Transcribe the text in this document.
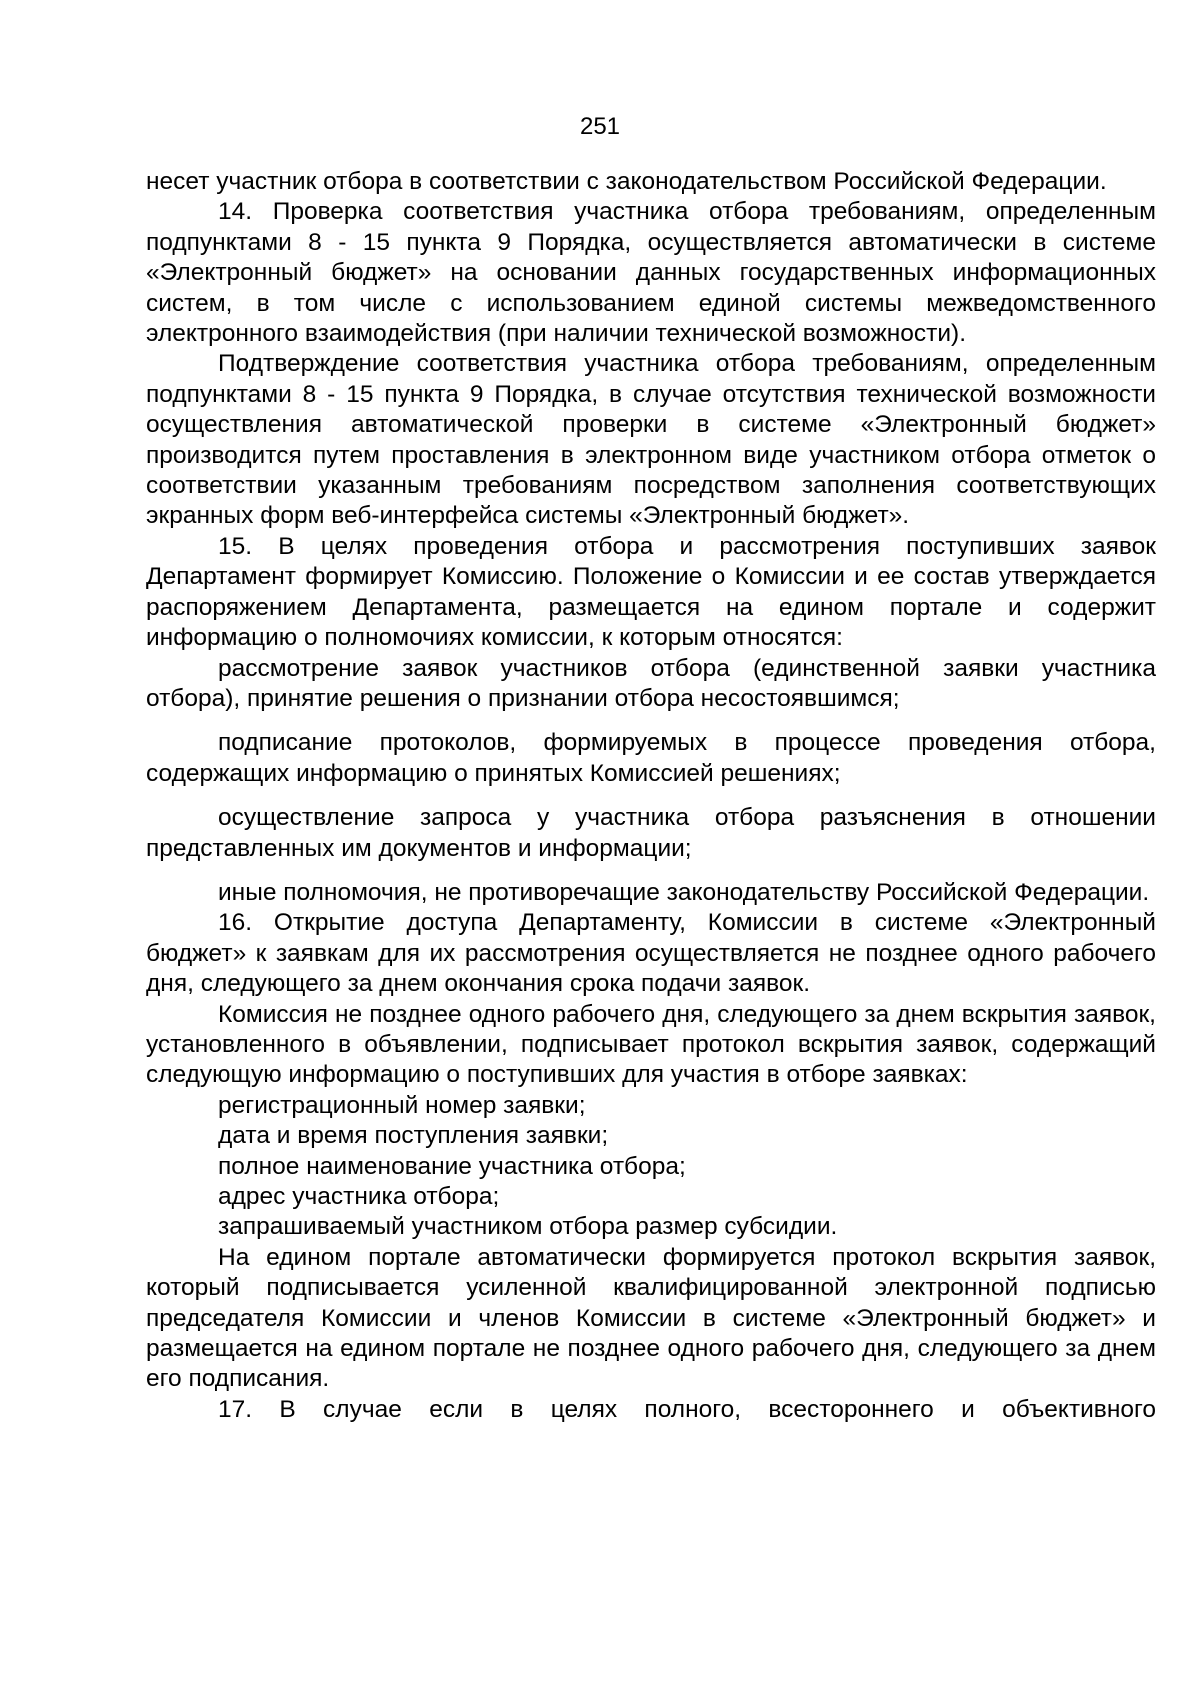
251

несет участник отбора в соответствии с законодательством Российской Федерации.

14. Проверка соответствия участника отбора требованиям, определенным подпунктами 8 - 15 пункта 9 Порядка, осуществляется автоматически в системе «Электронный бюджет» на основании данных государственных информационных систем, в том числе с использованием единой системы межведомственного электронного взаимодействия (при наличии технической возможности).

Подтверждение соответствия участника отбора требованиям, определенным подпунктами 8 - 15 пункта 9 Порядка, в случае отсутствия технической возможности осуществления автоматической проверки в системе «Электронный бюджет» производится путем проставления в электронном виде участником отбора отметок о соответствии указанным требованиям посредством заполнения соответствующих экранных форм веб-интерфейса системы «Электронный бюджет».

15. В целях проведения отбора и рассмотрения поступивших заявок Департамент формирует Комиссию. Положение о Комиссии и ее состав утверждается распоряжением Департамента, размещается на едином портале и содержит информацию о полномочиях комиссии, к которым относятся:

рассмотрение заявок участников отбора (единственной заявки участника отбора), принятие решения о признании отбора несостоявшимся;

подписание протоколов, формируемых в процессе проведения отбора, содержащих информацию о принятых Комиссией решениях;

осуществление запроса у участника отбора разъяснения в отношении представленных им документов и информации;

иные полномочия, не противоречащие законодательству Российской Федерации.

16. Открытие доступа Департаменту, Комиссии в системе «Электронный бюджет» к заявкам для их рассмотрения осуществляется не позднее одного рабочего дня, следующего за днем окончания срока подачи заявок.

Комиссия не позднее одного рабочего дня, следующего за днем вскрытия заявок, установленного в объявлении, подписывает протокол вскрытия заявок, содержащий следующую информацию о поступивших для участия в отборе заявках:

регистрационный номер заявки;

дата и время поступления заявки;

полное наименование участника отбора;

адрес участника отбора;

запрашиваемый участником отбора размер субсидии.

На едином портале автоматически формируется протокол вскрытия заявок, который подписывается усиленной квалифицированной электронной подписью председателя Комиссии и членов Комиссии в системе «Электронный бюджет» и размещается на едином портале не позднее одного рабочего дня, следующего за днем его подписания.

17. В случае если в целях полного, всестороннего и объективного
